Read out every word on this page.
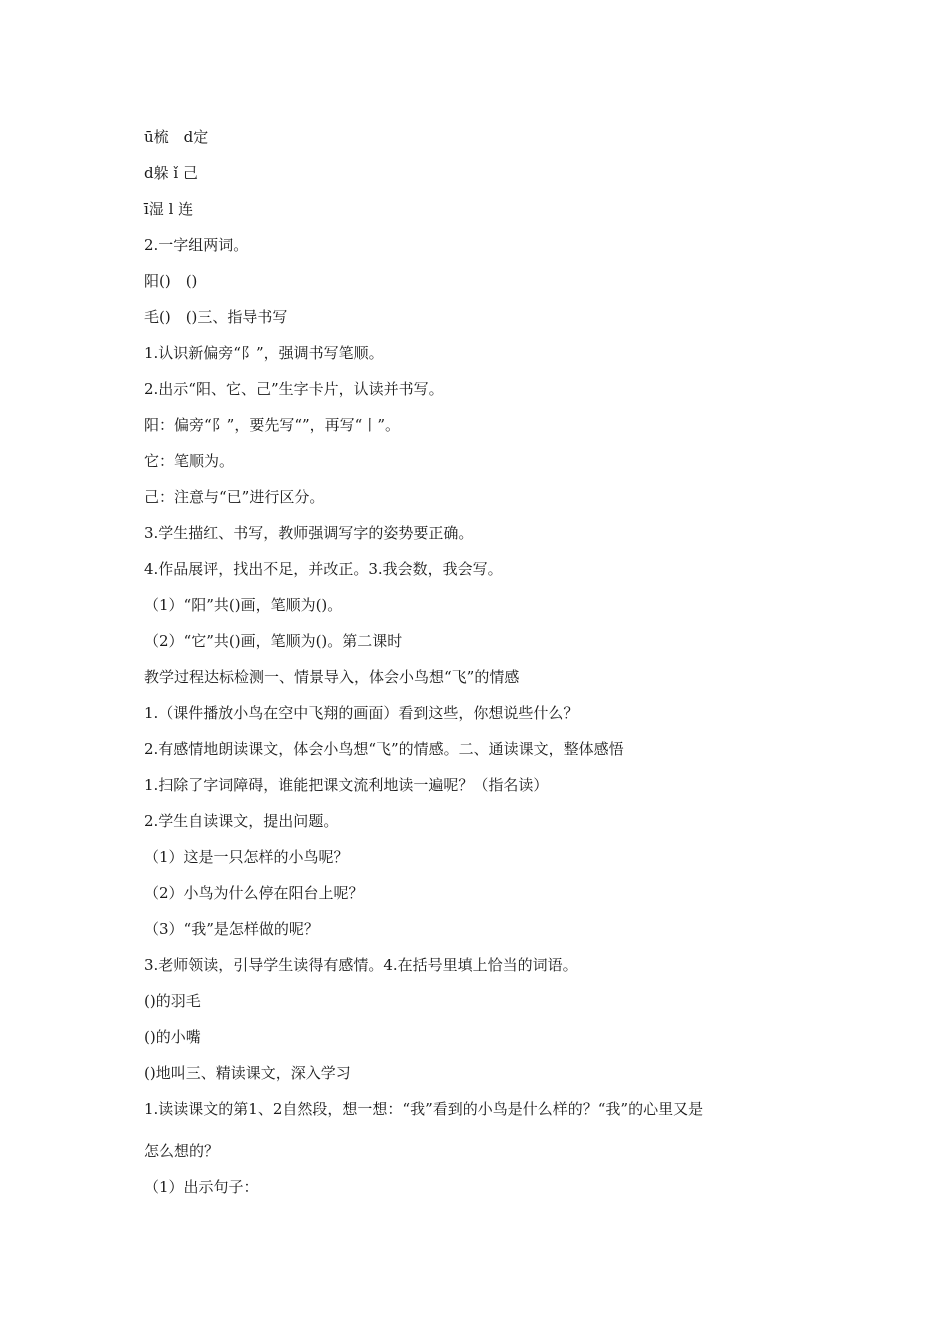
ū梳　d定
d躲 ǐ 己
ī湿 l 连
2.一字组两词。
阳()　()
毛()　()三、指导书写
1.认识新偏旁“阝”，强调书写笔顺。
2.出示“阳、它、己”生字卡片，认读并书写。
阳：偏旁“阝”，要先写“”，再写“丨”。
它：笔顺为。
己：注意与“已”进行区分。
3.学生描红、书写，教师强调写字的姿势要正确。
4.作品展评，找出不足，并改正。3.我会数，我会写。
（1）“阳”共()画，笔顺为()。
（2）“它”共()画，笔顺为()。第二课时
教学过程达标检测一、情景导入，体会小鸟想“飞”的情感
1.（课件播放小鸟在空中飞翔的画面）看到这些，你想说些什么？
2.有感情地朗读课文，体会小鸟想“飞”的情感。二、通读课文，整体感悟
1.扫除了字词障碍，谁能把课文流利地读一遍呢？（指名读）
2.学生自读课文，提出问题。
（1）这是一只怎样的小鸟呢？
（2）小鸟为什么停在阳台上呢？
（3）“我”是怎样做的呢？
3.老师领读，引导学生读得有感情。4.在括号里填上恰当的词语。
()的羽毛
()的小嘴
()地叫三、精读课文，深入学习
1.读读课文的第1、2自然段，想一想：“我”看到的小鸟是什么样的？“我”的心里又是
怎么想的？
（1）出示句子：
